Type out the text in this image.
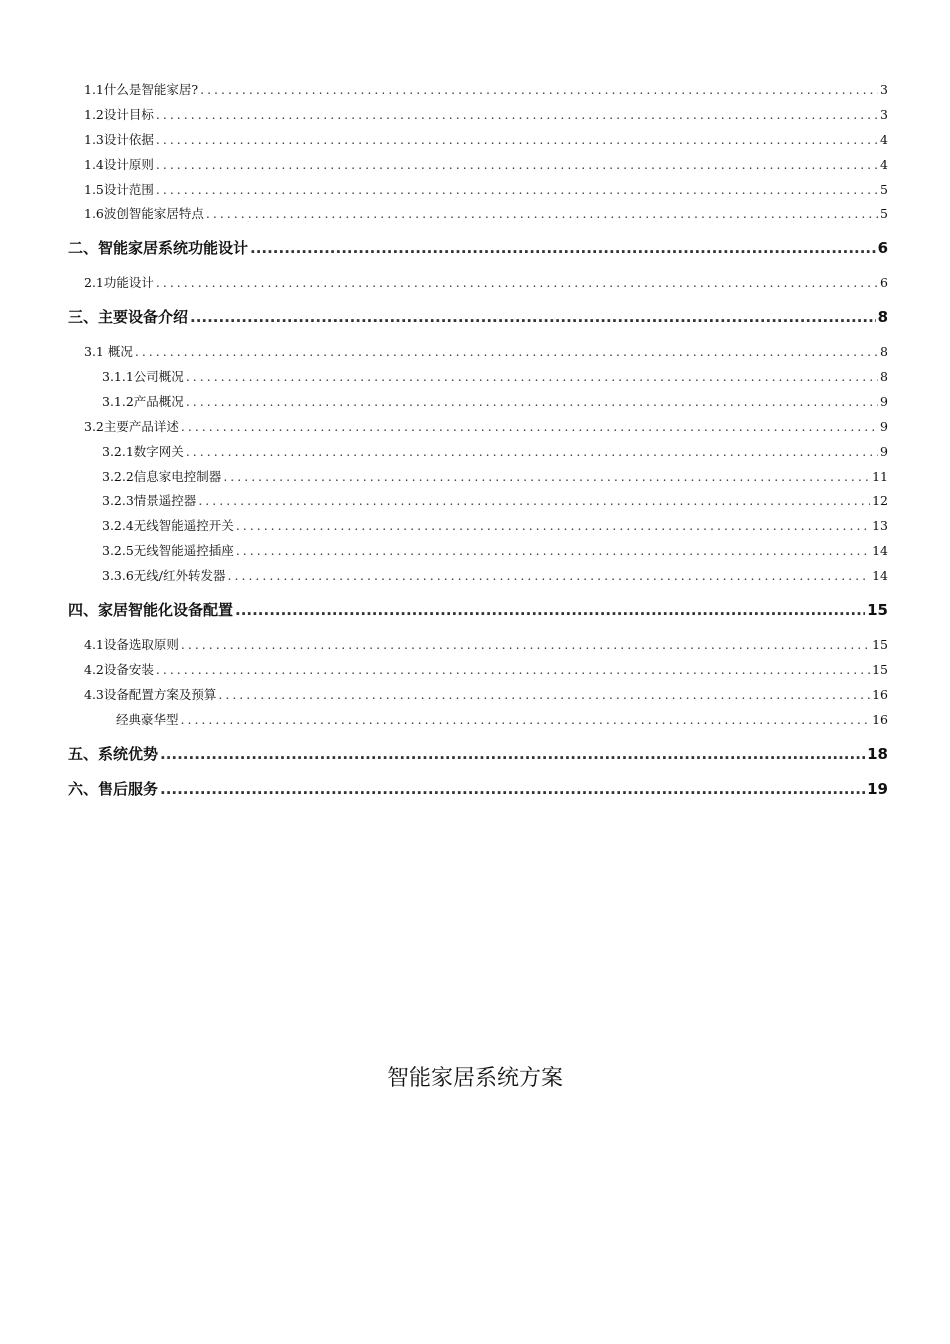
1.1什么是智能家居? .....	3
1.2设计目标 .....	3
1.3设计依据 .....	4
1.4设计原则 .....	4
1.5设计范围 .....	5
1.6波创智能家居特点 .....	5
二、智能家居系统功能设计 .....	6
2.1功能设计 .....	6
三、主要设备介绍 .....	8
3.1 概况 .....	8
3.1.1公司概况 .....	8
3.1.2产品概况 .....	9
3.2主要产品详述 .....	9
3.2.1数字网关 .....	9
3.2.2信息家电控制器 .....	11
3.2.3情景遥控器 .....	12
3.2.4无线智能遥控开关 .....	13
3.2.5无线智能遥控插座 .....	14
3.3.6无线/红外转发器 .....	14
四、家居智能化设备配置 .....	15
4.1设备选取原则 .....	15
4.2设备安装 .....	15
4.3设备配置方案及预算 .....	16
经典豪华型 .....	16
五、系统优势 .....	18
六、售后服务 .....	19
智能家居系统方案
